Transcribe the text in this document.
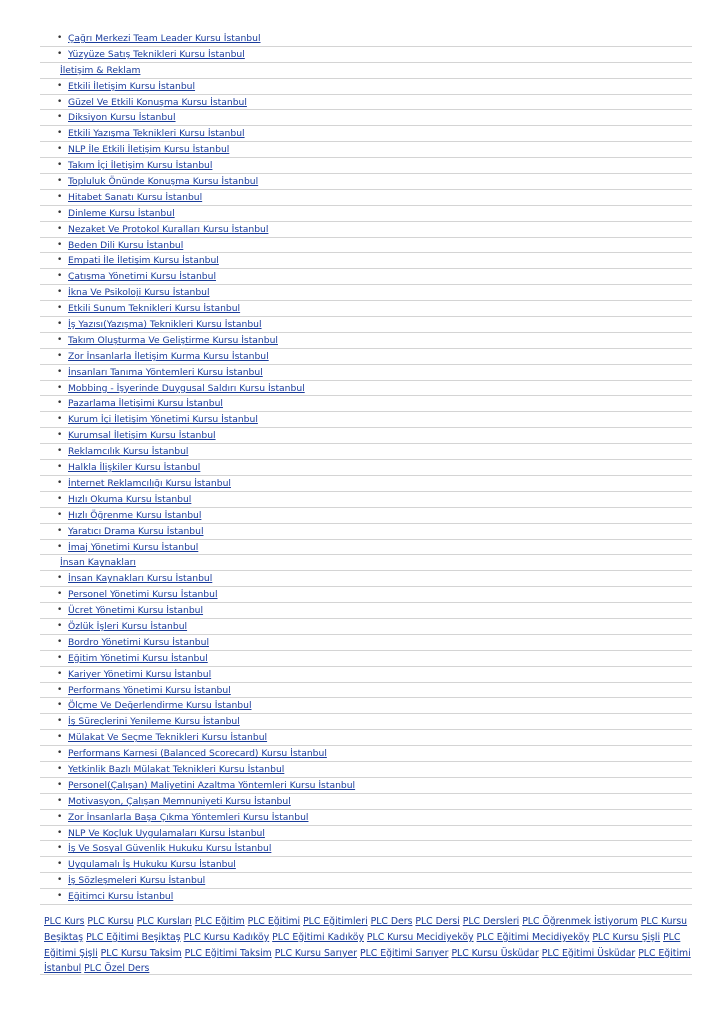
• Çağrı Merkezi Team Leader Kursu İstanbul
• Yüzyüze Satış Teknikleri Kursu İstanbul
İletişim & Reklam
• Etkili İletişim Kursu İstanbul
• Güzel Ve Etkili Konuşma Kursu İstanbul
• Diksiyon Kursu İstanbul
• Etkili Yazışma Teknikleri Kursu İstanbul
• NLP İle Etkili İletişim Kursu İstanbul
• Takım İçi İletişim Kursu İstanbul
• Topluluk Önünde Konuşma Kursu İstanbul
• Hitabet Sanatı Kursu İstanbul
• Dinleme Kursu İstanbul
• Nezaket Ve Protokol Kuralları Kursu İstanbul
• Beden Dili Kursu İstanbul
• Empati İle İletişim Kursu İstanbul
• Çatışma Yönetimi Kursu İstanbul
• İkna Ve Psikoloji Kursu İstanbul
• Etkili Sunum Teknikleri Kursu İstanbul
• İş Yazısı(Yazışma) Teknikleri Kursu İstanbul
• Takım Oluşturma Ve Geliştirme Kursu İstanbul
• Zor İnsanlarla İletişim Kurma Kursu İstanbul
• İnsanları Tanıma Yöntemleri Kursu İstanbul
• Mobbing - İşyerinde Duygusal Saldırı Kursu İstanbul
• Pazarlama İletişimi Kursu İstanbul
• Kurum İçi İletişim Yönetimi Kursu İstanbul
• Kurumsal İletişim Kursu İstanbul
• Reklamcılık Kursu İstanbul
• Halkla İlişkiler Kursu İstanbul
• İnternet Reklamcılığı Kursu İstanbul
• Hızlı Okuma Kursu İstanbul
• Hızlı Öğrenme Kursu İstanbul
• Yaratıcı Drama Kursu İstanbul
• İmaj Yönetimi Kursu İstanbul
İnsan Kaynakları
• İnsan Kaynakları Kursu İstanbul
• Personel Yönetimi Kursu İstanbul
• Ücret Yönetimi Kursu İstanbul
• Özlük İşleri Kursu İstanbul
• Bordro Yönetimi Kursu İstanbul
• Eğitim Yönetimi Kursu İstanbul
• Kariyer Yönetimi Kursu İstanbul
• Performans Yönetimi Kursu İstanbul
• Ölçme Ve Değerlendirme Kursu İstanbul
• İş Süreçlerini Yenileme Kursu İstanbul
• Mülakat Ve Seçme Teknikleri Kursu İstanbul
• Performans Karnesi (Balanced Scorecard) Kursu İstanbul
• Yetkinlik Bazlı Mülakat Teknikleri Kursu İstanbul
• Personel(Çalışan) Maliyetini Azaltma Yöntemleri Kursu İstanbul
• Motivasyon, Çalışan Memnuniyeti Kursu İstanbul
• Zor İnsanlarla Başa Çıkma Yöntemleri Kursu İstanbul
• NLP Ve Koçluk Uygulamaları Kursu İstanbul
• İş Ve Sosyal Güvenlik Hukuku Kursu İstanbul
• Uygulamalı İş Hukuku Kursu İstanbul
• İş Sözleşmeleri Kursu İstanbul
• Eğitimci Kursu İstanbul
PLC Kurs PLC Kursu PLC Kursları PLC Eğitim PLC Eğitimi PLC Eğitimleri PLC Ders PLC Dersi PLC Dersleri PLC Öğrenmek İstiyorum PLC Kursu Beşiktaş PLC Eğitimi Beşiktaş PLC Kursu Kadıköy PLC Eğitimi Kadıköy PLC Kursu Mecidiyeköy PLC Eğitimi Mecidiyeköy PLC Kursu Şişli PLC Eğitimi Şişli PLC Kursu Taksim PLC Eğitimi Taksim PLC Kursu Sarıyer PLC Eğitimi Sarıyer PLC Kursu Üsküdar PLC Eğitimi Üsküdar PLC Eğitimi İstanbul PLC Özel Ders
